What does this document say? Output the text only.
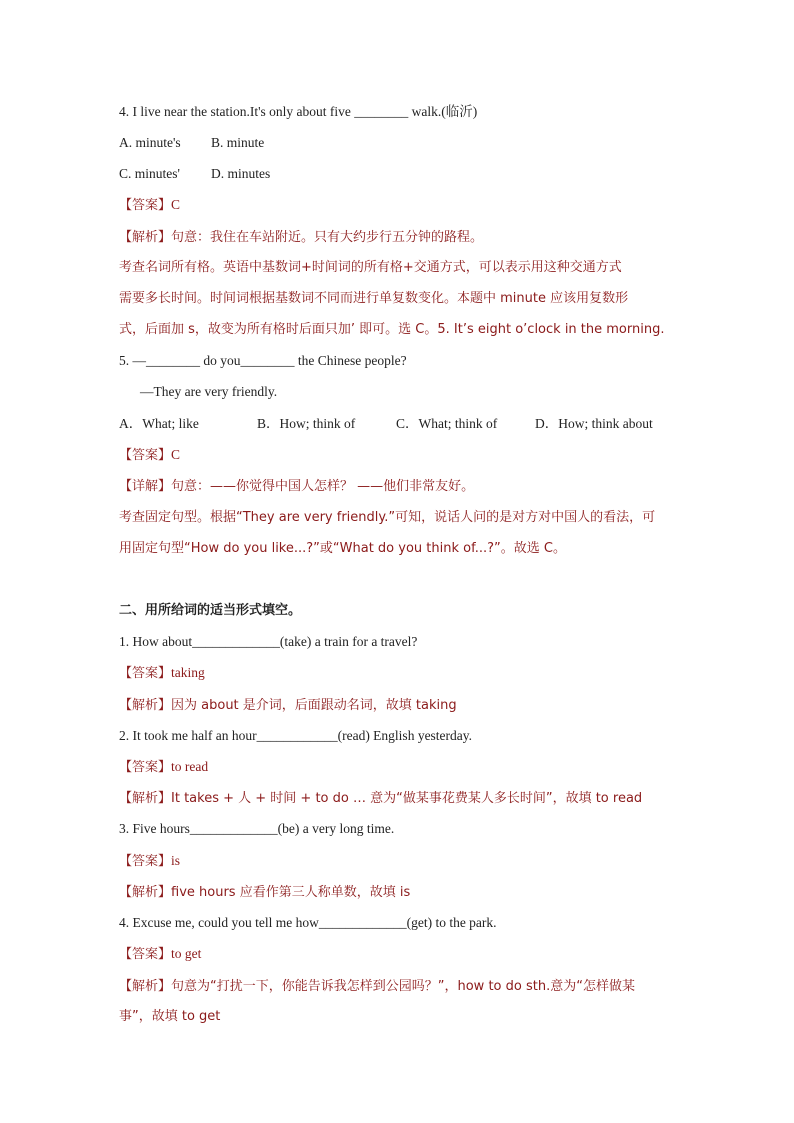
4. I live near the station.It's only about five ________ walk.(临沂)
A. minute's B. minute
C. minutes' D. minutes
【答案】C
【解析】句意：我住在车站附近。只有大约步行五分钟的路程。
考查名词所有格。英语中基数词+时间词的所有格+交通方式，可以表示用这种交通方式
需要多长时间。时间词根据基数词不同而进行单复数变化。本题中 minute 应该用复数形
式，后面加 s，故变为所有格时后面只加’ 即可。选 C。5. It’s eight o’clock in the morning.
5. —________ do you________ the Chinese people?
—They are very friendly.
A．What; like	B．How; think of	C．What; think of	D．How; think about
【答案】C
【详解】句意：——你觉得中国人怎样？ ——他们非常友好。
考查固定句型。根据“They are very friendly.”可知，说话人问的是对方对中国人的看法，可
用固定句型“How do you like...?”或“What do you think of...?”。故选 C。
二、用所给词的适当形式填空。
1. How about_____________(take) a train for a travel?
【答案】taking
【解析】因为 about 是介词，后面跟动名词，故填 taking
2. It took me half an hour____________(read) English yesterday.
【答案】to read
【解析】It takes + 人 + 时间 + to do … 意为“做某事花费某人多长时间”，故填 to read
3. Five hours_____________(be) a very long time.
【答案】is
【解析】five hours 应看作第三人称单数，故填 is
4. Excuse me, could you tell me how_____________(get) to the park.
【答案】to get
【解析】句意为“打扰一下，你能告诉我怎样到公园吗？”，how to do sth.意为“怎样做某
事”，故填 to get
